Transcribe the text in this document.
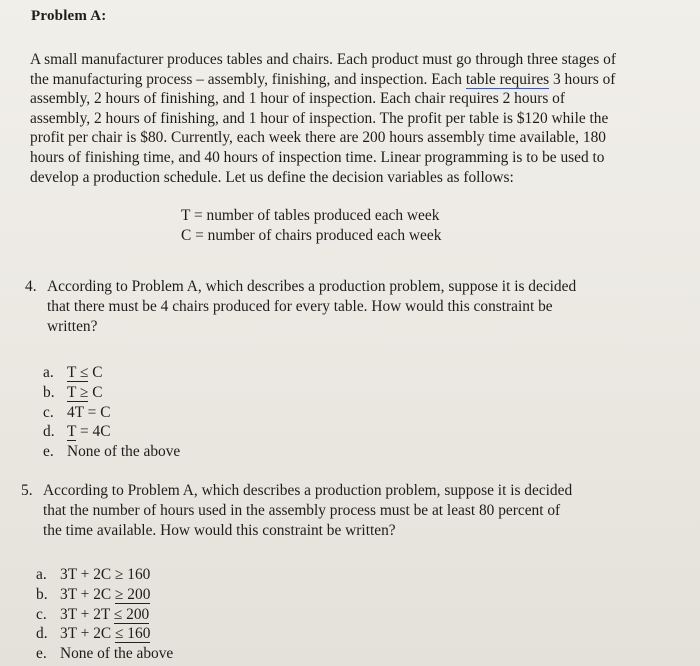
Problem A:
A small manufacturer produces tables and chairs. Each product must go through three stages of
the manufacturing process – assembly, finishing, and inspection. Each table requires 3 hours of
assembly, 2 hours of finishing, and 1 hour of inspection. Each chair requires 2 hours of
assembly, 2 hours of finishing, and 1 hour of inspection. The profit per table is $120 while the
profit per chair is $80. Currently, each week there are 200 hours assembly time available, 180
hours of finishing time, and 40 hours of inspection time. Linear programming is to be used to
develop a production schedule. Let us define the decision variables as follows:
T = number of tables produced each week
C = number of chairs produced each week
4. According to Problem A, which describes a production problem, suppose it is decided
that there must be 4 chairs produced for every table. How would this constraint be
written?
a. T ≤ C
b. T ≥ C
c. 4T = C
d. T = 4C
e. None of the above
5. According to Problem A, which describes a production problem, suppose it is decided
that the number of hours used in the assembly process must be at least 80 percent of
the time available. How would this constraint be written?
a. 3T + 2C ≥ 160
b. 3T + 2C ≥ 200
c. 3T + 2T ≤ 200
d. 3T + 2C ≤ 160
e. None of the above
